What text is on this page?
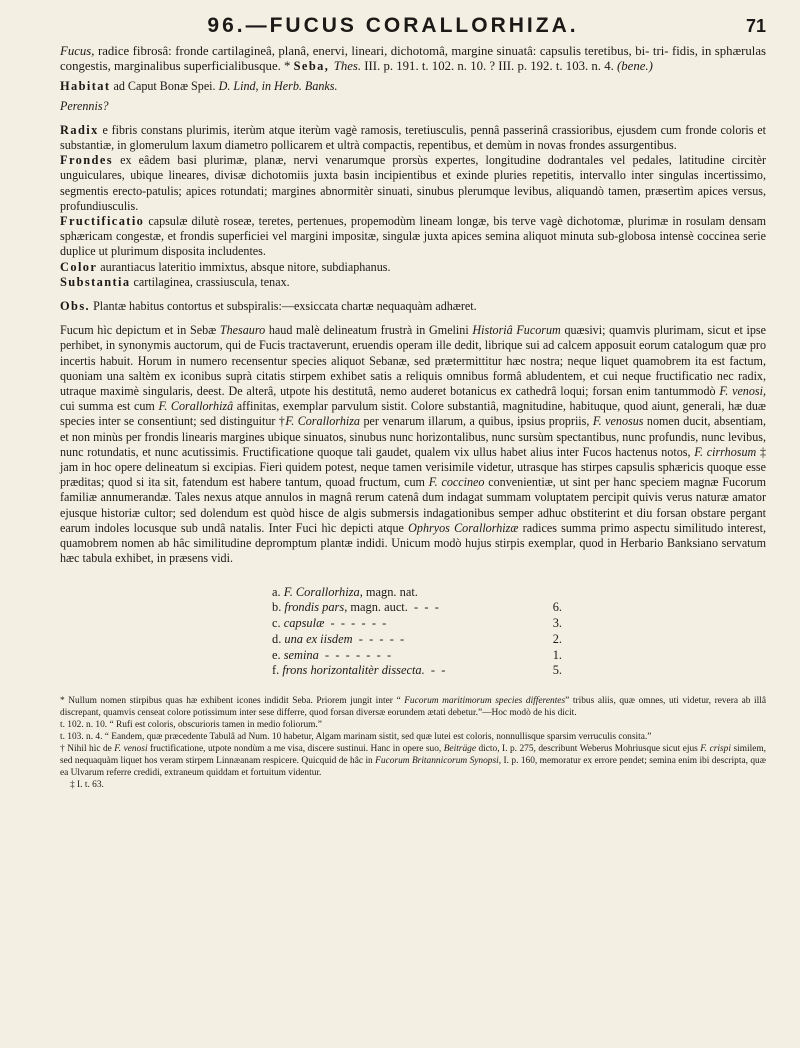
96.—FUCUS CORALLORHIZA.	71

Fucus, radice fibrosâ: fronde cartilagineâ, planâ, enervi, lineari, dichotomâ, margine sinuatâ: capsulis teretibus, bi- tri- fidis, in sphærulas congestis, marginalibus superficialibusque. * Seba, Thes. III. p. 191. t. 102. n. 10. ? III. p. 192. t. 103. n. 4. (bene.)

Habitat ad Caput Bonæ Spei. D. Lind, in Herb. Banks.

Perennis?

Radix e fibris constans plurimis, iterùm atque iterùm vagè ramosis, teretiusculis, pennâ passerinâ crassioribus, ejusdem cum fronde coloris et substantiæ, in glomerulum laxum diametro pollicarem et ultrà compactis, repentibus, et demùm in novas frondes assurgentibus.

Frondes ex eâdem basi plurimæ, planæ, nervi venarumque prorsùs expertes, longitudine dodrantales vel pedales, latitudine circitèr unguiculares, ubique lineares, divisæ dichotomiis juxta basin incipientibus et exinde pluries repetitis, intervallo inter singulas incertissimo, segmentis erecto-patulis; apices rotundati; margines abnormitèr sinuati, sinubus plerumque levibus, aliquandò tamen, præsertìm apices versus, profundiusculis.

Fructificatio capsulæ dilutè roseæ, teretes, pertenues, propemodùm lineam longæ, bis terve vagè dichotomæ, plurimæ in rosulam densam sphæricam congestæ, et frondis superficiei vel margini impositæ, singulæ juxta apices semina aliquot minuta sub-globosa intensè coccinea serie duplice ut plurimum disposita includentes.

Color aurantiacus lateritio immixtus, absque nitore, subdiaphanus.

Substantia cartilaginea, crassiuscula, tenax.

Obs. Plantæ habitus contortus et subspiralis:—exsiccata chartæ nequaquàm adhæret.

Fucum hìc depictum et in Sebæ Thesauro haud malè delineatum frustrà in Gmelini Historiâ Fucorum quæsivi; quamvis plurimam, sicut et ipse perhibet, in synonymis auctorum, qui de Fucis tractaverunt, eruendis operam ille dedit, librique sui ad calcem apposuit eorum catalogum quæ pro incertis habuit. Horum in numero recensentur species aliquot Sebanæ, sed prætermittitur hæc nostra; neque liquet quamobrem ita est factum, quoniam una saltèm ex iconibus suprà citatis stirpem exhibet satis a reliquis omnibus formâ abludentem, et cui neque fructificatio nec radix, utraque maximè singularis, deest. De alterâ, utpote his destitutâ, nemo auderet botanicus ex cathedrâ loqui; forsan enim tantummodò F. venosi, cui summa est cum F. Corallorhizâ affinitas, exemplar parvulum sistit. Colore substantiâ, magnitudine, habituque, quod aiunt, generali, hæ duæ species inter se consentiunt; sed distinguitur †F. Corallorhiza per venarum illarum, a quibus, ipsius propriis, F. venosus nomen ducit, absentiam, et non minùs per frondis linearis margines ubique sinuatos, sinubus nunc horizontalibus, nunc sursùm spectantibus, nunc profundis, nunc levibus, nunc rotundatis, et nunc acutissimis. Fructificatione quoque tali gaudet, qualem vix ullus habet alius inter Fucos hactenus notos, F. cirrhosum ‡ jam in hoc opere delineatum si excipias. Fieri quidem potest, neque tamen verisimile videtur, utrasque has stirpes capsulis sphæricis quoque esse præditas; quod si ita sit, fatendum est habere tantum, quoad fructum, cum F. coccineo convenientiæ, ut sint per hanc speciem magnæ Fucorum familiæ annumerandæ. Tales nexus atque annulos in magnâ rerum catenâ dum indagat summam voluptatem percipit quivis verus naturæ amator ejusque historiæ cultor; sed dolendum est quòd hisce de algis submersis indagationibus semper adhuc obstiterint et diu forsan obstare pergant earum indoles locusque sub undâ natalis. Inter Fuci hìc depicti atque Ophryos Corallorhizæ radices summa primo aspectu similitudo interest, quamobrem nomen ab hâc similitudine depromptum plantæ indidi. Unicum modò hujus stirpis exemplar, quod in Herbario Banksiano servatum hæc tabula exhibet, in præsens vidi.

a. F. Corallorhiza, magn. nat.
b. frondis pars, magn. auct.  -  -  -	6.
c. capsulæ  -  -  -  -  -  -	3.
d. una ex iisdem  -  -  -  -  -	2.
e. semina  -  -  -  -  -  -  -	1.
f. frons horizontalitèr dissecta.  -  -	5.

* Nullum nomen stirpibus quas hæ exhibent icones indidit Seba. Priorem jungit inter “ Fucorum maritimorum species differentes” tribus aliis, quæ omnes, uti videtur, revera ab illâ discrepant, quamvis censeat colore potissimum inter sese differre, quod forsan diversæ eorundem ætati debetur.”—Hoc modò de his dicit.

t. 102. n. 10. “ Rufi est coloris, obscurioris tamen in medio foliorum.”

t. 103. n. 4. “ Eandem, quæ præcedente Tabulâ ad Num. 10 habetur, Algam marinam sistit, sed quæ lutei est coloris, nonnullisque sparsim verruculis consita.”

† Nihil hìc de F. venosi fructificatione, utpote nondùm a me visa, discere sustinui. Hanc in opere suo, Beiträge dicto, I. p. 275, describunt Weberus Mohriusque sicut ejus F. crispi similem, sed nequaquàm liquet hos veram stirpem Linnæanam respicere. Quicquid de hâc in Fucorum Britannicorum Synopsi, I. p. 160, memoratur ex errore pendet; semina enim ibi descripta, quæ ea Ulvarum referre credidi, extraneum quiddam et fortuitum videntur.

‡ I. t. 63.
